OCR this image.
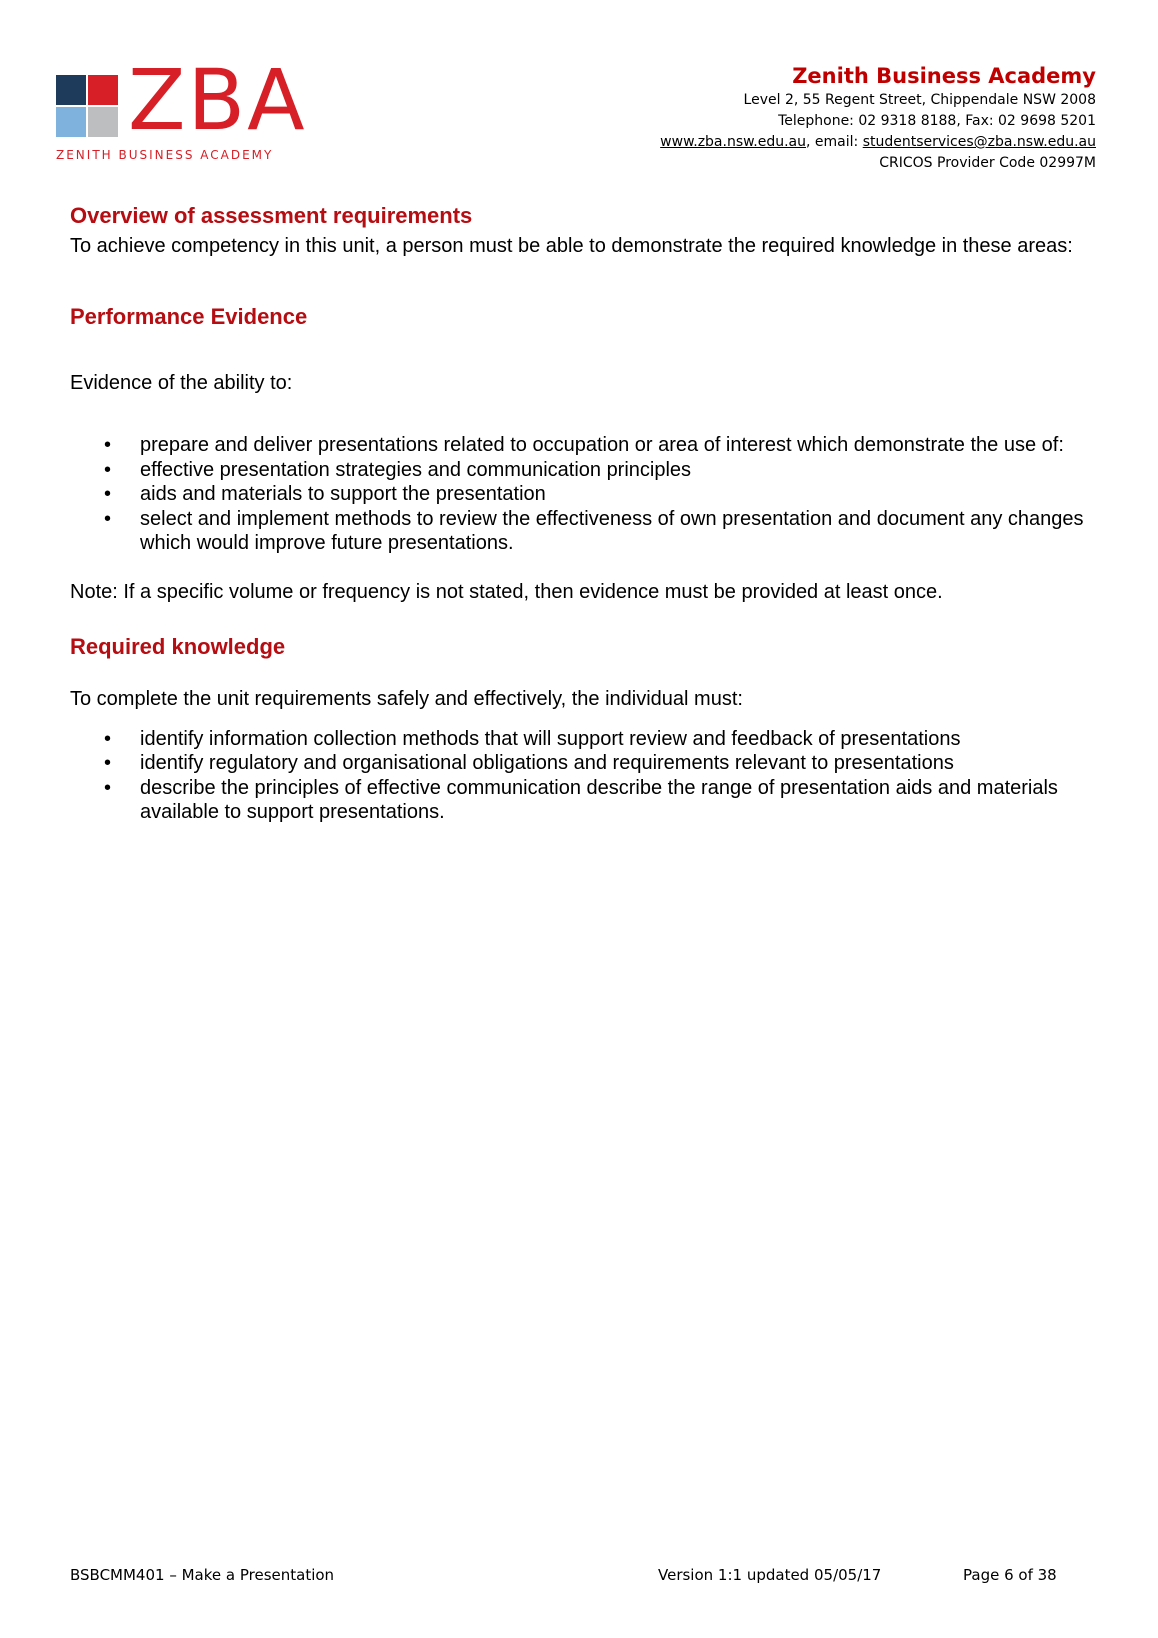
ZBA
ZENITH BUSINESS ACADEMY
Zenith Business Academy
Level 2, 55 Regent Street, Chippendale NSW 2008
Telephone: 02 9318 8188, Fax: 02 9698 5201
www.zba.nsw.edu.au, email: studentservices@zba.nsw.edu.au
CRICOS Provider Code 02997M
Overview of assessment requirements

To achieve competency in this unit, a person must be able to demonstrate the required knowledge in these areas:

Performance Evidence

Evidence of the ability to:

• prepare and deliver presentations related to occupation or area of interest which demonstrate the use of:
• effective presentation strategies and communication principles
• aids and materials to support the presentation
• select and implement methods to review the effectiveness of own presentation and document any changes which would improve future presentations.

Note: If a specific volume or frequency is not stated, then evidence must be provided at least once.

Required knowledge

To complete the unit requirements safely and effectively, the individual must:

• identify information collection methods that will support review and feedback of presentations
• identify regulatory and organisational obligations and requirements relevant to presentations
• describe the principles of effective communication describe the range of presentation aids and materials available to support presentations.
BSBCMM401 – Make a Presentation	Version 1:1 updated 05/05/17	Page 6 of 38
